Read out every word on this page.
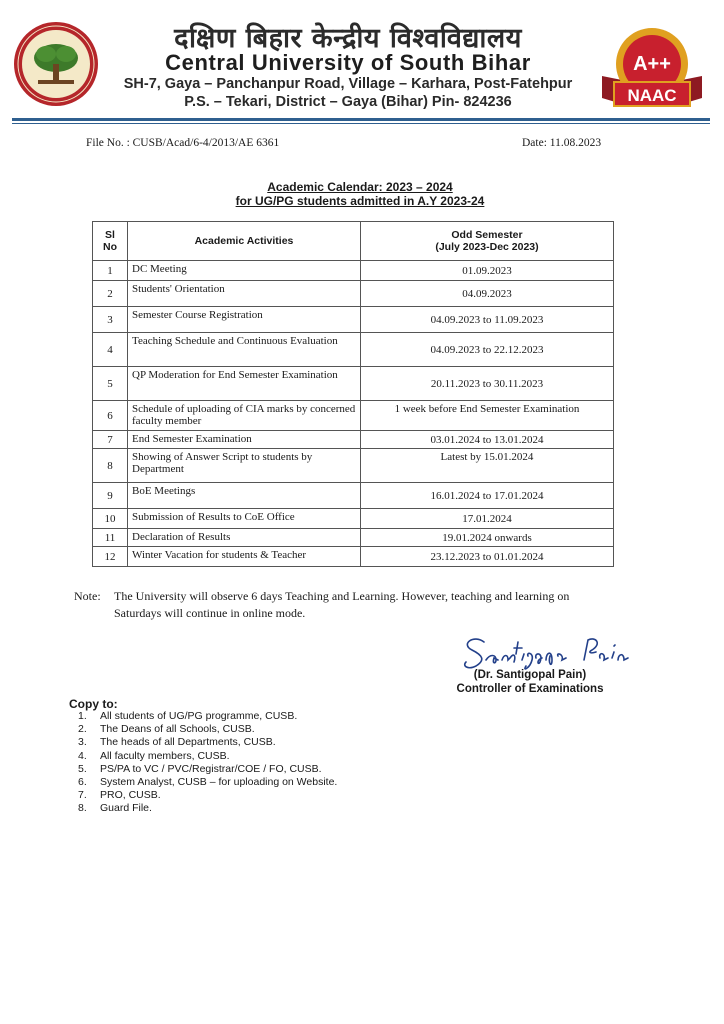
दक्षिण बिहार केन्द्रीय विश्वविद्यालय
Central University of South Bihar
SH-7, Gaya – Panchanpur Road, Village – Karhara, Post-Fatehpur
P.S. – Tekari, District – Gaya (Bihar) Pin- 824236
A++
NAAC
File No. : CUSB/Acad/6-4/2013/AE 6361	Date: 11.08.2023
Academic Calendar: 2023 – 2024
for UG/PG students admitted in A.Y 2023-24
Sl
No	Academic Activities	Odd Semester
(July 2023-Dec 2023)
1	DC Meeting	01.09.2023
2	Students' Orientation	04.09.2023
3	Semester Course Registration	04.09.2023 to 11.09.2023
4	Teaching Schedule and Continuous Evaluation	04.09.2023 to 22.12.2023
5	QP Moderation for End Semester Examination	20.11.2023 to 30.11.2023
6	Schedule of uploading of CIA marks by concerned faculty member	1 week before End Semester Examination
7	End Semester Examination	03.01.2024 to 13.01.2024
8	Showing of Answer Script to students by Department	Latest by 15.01.2024
9	BoE Meetings	16.01.2024 to 17.01.2024
10	Submission of Results to CoE Office	17.01.2024
11	Declaration of Results	19.01.2024 onwards
12	Winter Vacation for students & Teacher	23.12.2023 to 01.01.2024
Note: The University will observe 6 days Teaching and Learning. However, teaching and learning on
Saturdays will continue in online mode.
(Dr. Santigopal Pain)
Controller of Examinations
Copy to:
1. All students of UG/PG programme, CUSB.
2. The Deans of all Schools, CUSB.
3. The heads of all Departments, CUSB.
4. All faculty members, CUSB.
5. PS/PA to VC / PVC/Registrar/COE / FO, CUSB.
6. System Analyst, CUSB – for uploading on Website.
7. PRO, CUSB.
8. Guard File.
